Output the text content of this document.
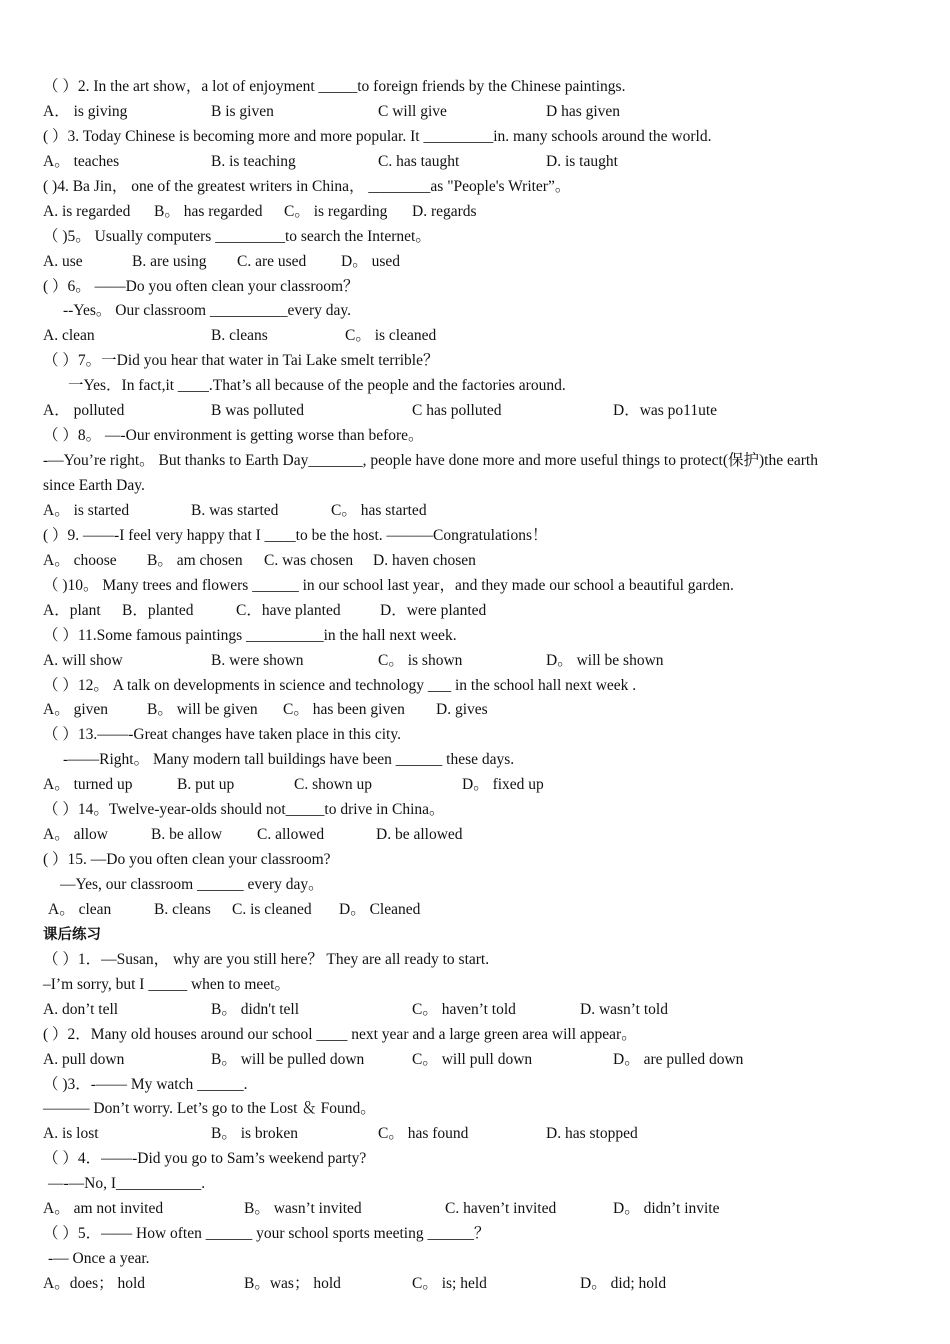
（ ）2. In the art show，a lot of enjoyment _____to foreign friends by the Chinese paintings.
A． is giving	B is given	C will give	D has given
( ）3. Today Chinese is becoming more and more popular. It _________in. many schools around the world.
A。 teaches	B. is teaching	C. has taught	D. is taught
( )4. Ba Jin， one of the greatest writers in China， ________as "People's Writer”。
A. is regarded B。 has regarded C。 is regarding D. regards
（ )5。 Usually computers _________to search the Internet。
A. use	B. are using C. are used D。 used
( ）6。 ——Do you often clean your classroom？
--Yes。 Our classroom __________every day.
A. clean	B. cleans	C。 is cleaned
（ ）7。一Did you hear that water in Tai Lake smelt terrible？
一Yes．In fact,it ____.That’s all because of the people and the factories around.
A． polluted	B was polluted	C has polluted	D．was po11ute
（ ）8。 —-Our environment is getting worse than before。
-—You’re right。 But thanks to Earth Day_______, people have done more and more useful things to protect(保护)the earth
since Earth Day.
A。 is started	B. was started	C。 has started
( ）9. ——-I feel very happy that I ____to be the host. ———Congratulations！
A。 choose B。 am chosen C. was chosen D. haven chosen
（ )10。 Many trees and flowers ______ in our school last year，and they made our school a beautiful garden.
A．plant B．planted	C．have planted	D．were planted
（ ）11.Some famous paintings __________in the hall next week.
A. will show	B. were shown	C。 is shown	D。 will be shown
（ ）12。 A talk on developments in science and technology ___ in the school hall next week .
A。 given	B。 will be given C。 has been given D. gives
（ ）13.——-Great changes have taken place in this city.
-——Right。 Many modern tall buildings have been ______ these days.
A。 turned up	B. put up	C. shown up	D。 fixed up
（ ）14。Twelve-year-olds should not_____to drive in China。
A。 allow	B. be allow C. allowed	D. be allowed
( ）15. —Do you often clean your classroom?
—Yes, our classroom ______ every day。
A。 clean	B. cleans C. is cleaned D。 Cleaned
课后练习
（ ）1．—Susan， why are you still here？ They are all ready to start.
–I’m sorry, but I _____ when to meet。
A. don’t tell	B。 didn't tell	C。 haven’t told	D. wasn’t told
( ）2．Many old houses around our school ____ next year and a large green area will appear。
A. pull down	B。 will be pulled down	C。 will pull down	D。 are pulled down
（ )3．-—— My watch ______.
——— Don’t worry. Let’s go to the Lost ＆ Found。
A. is lost	B。 is broken	C。 has found	D. has stopped
（ ）4．——-Did you go to Sam’s weekend party?
—-—No, I___________.
A。 am not invited	B。 wasn’t invited	C. haven’t invited	D。 didn’t invite
（ ）5．—— How often ______ your school sports meeting ______？
-— Once a year.
A。does； hold	B。was； hold	C。 is; held	D。 did; hold
